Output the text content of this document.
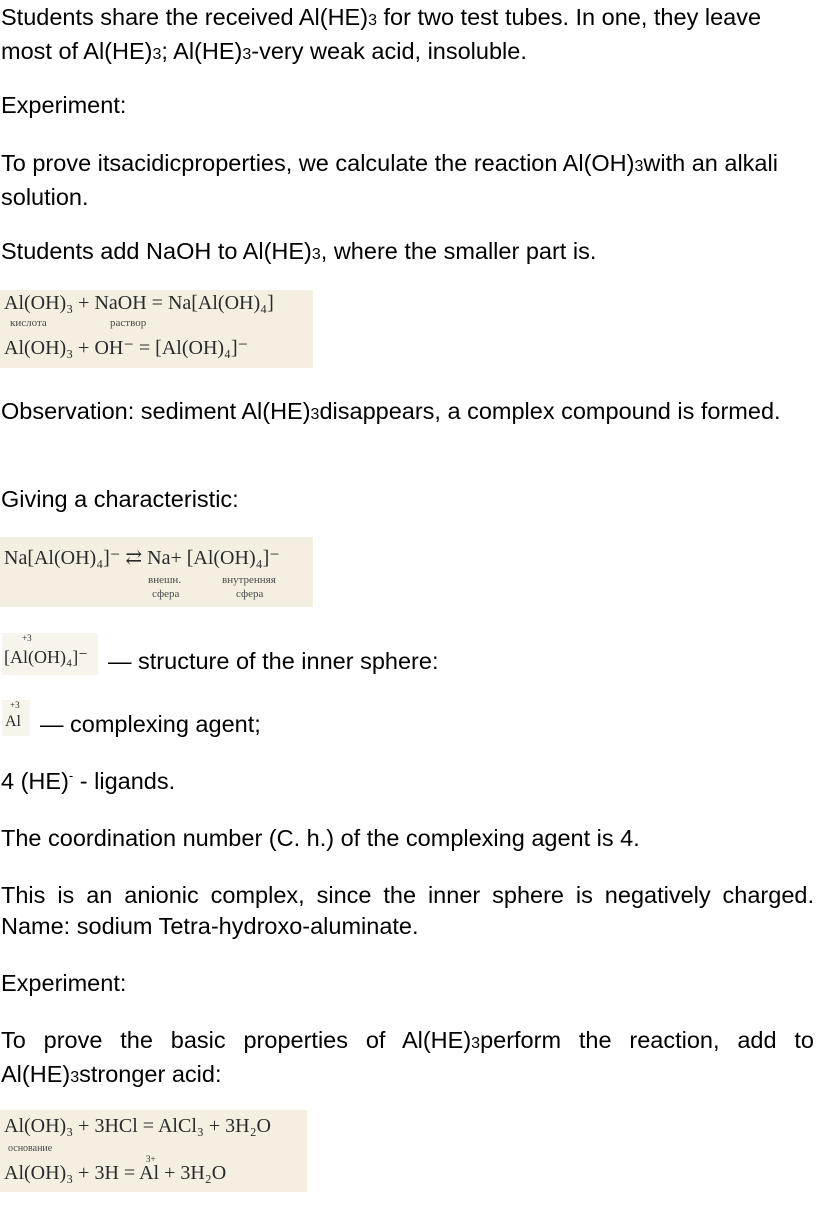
Students share the received Al(HE)3 for two test tubes. In one, they leave most of Al(HE)3; Al(HE)3-very weak acid, insoluble.

Experiment:

To prove itsacidicproperties, we calculate the reaction Al(OH)3with an alkali solution.

Students add NaOH to Al(HE)3, where the smaller part is.

Al(OH)₃ + NaOH = Na[Al(OH)₄]
кислота	раствор
Al(OH)₃ + OH⁻ = [Al(OH)₄]⁻

Observation: sediment Al(HE)3disappears, a complex compound is formed.

Giving a characteristic:

Na[Al(OH)₄]⁻ ⇄ Na+ [Al(OH)₄]⁻
внешн.
сфера
внутренняя
сфера
+3
[Al(OH)₄]⁻ — structure of the inner sphere:

+3
Al — complexing agent;

4 (HE)- - ligands.

The coordination number (C. h.) of the complexing agent is 4.

This is an anionic complex, since the inner sphere is negatively charged. Name: sodium Tetra-hydroxo-aluminate.

Experiment:

To prove the basic properties of Al(HE)3perform the reaction, add to Al(HE)3stronger acid:

Al(OH)₃ + 3HCl = AlCl₃ + 3H₂O
основание
3+
Al(OH)₃ + 3H = Al + 3H₂O
